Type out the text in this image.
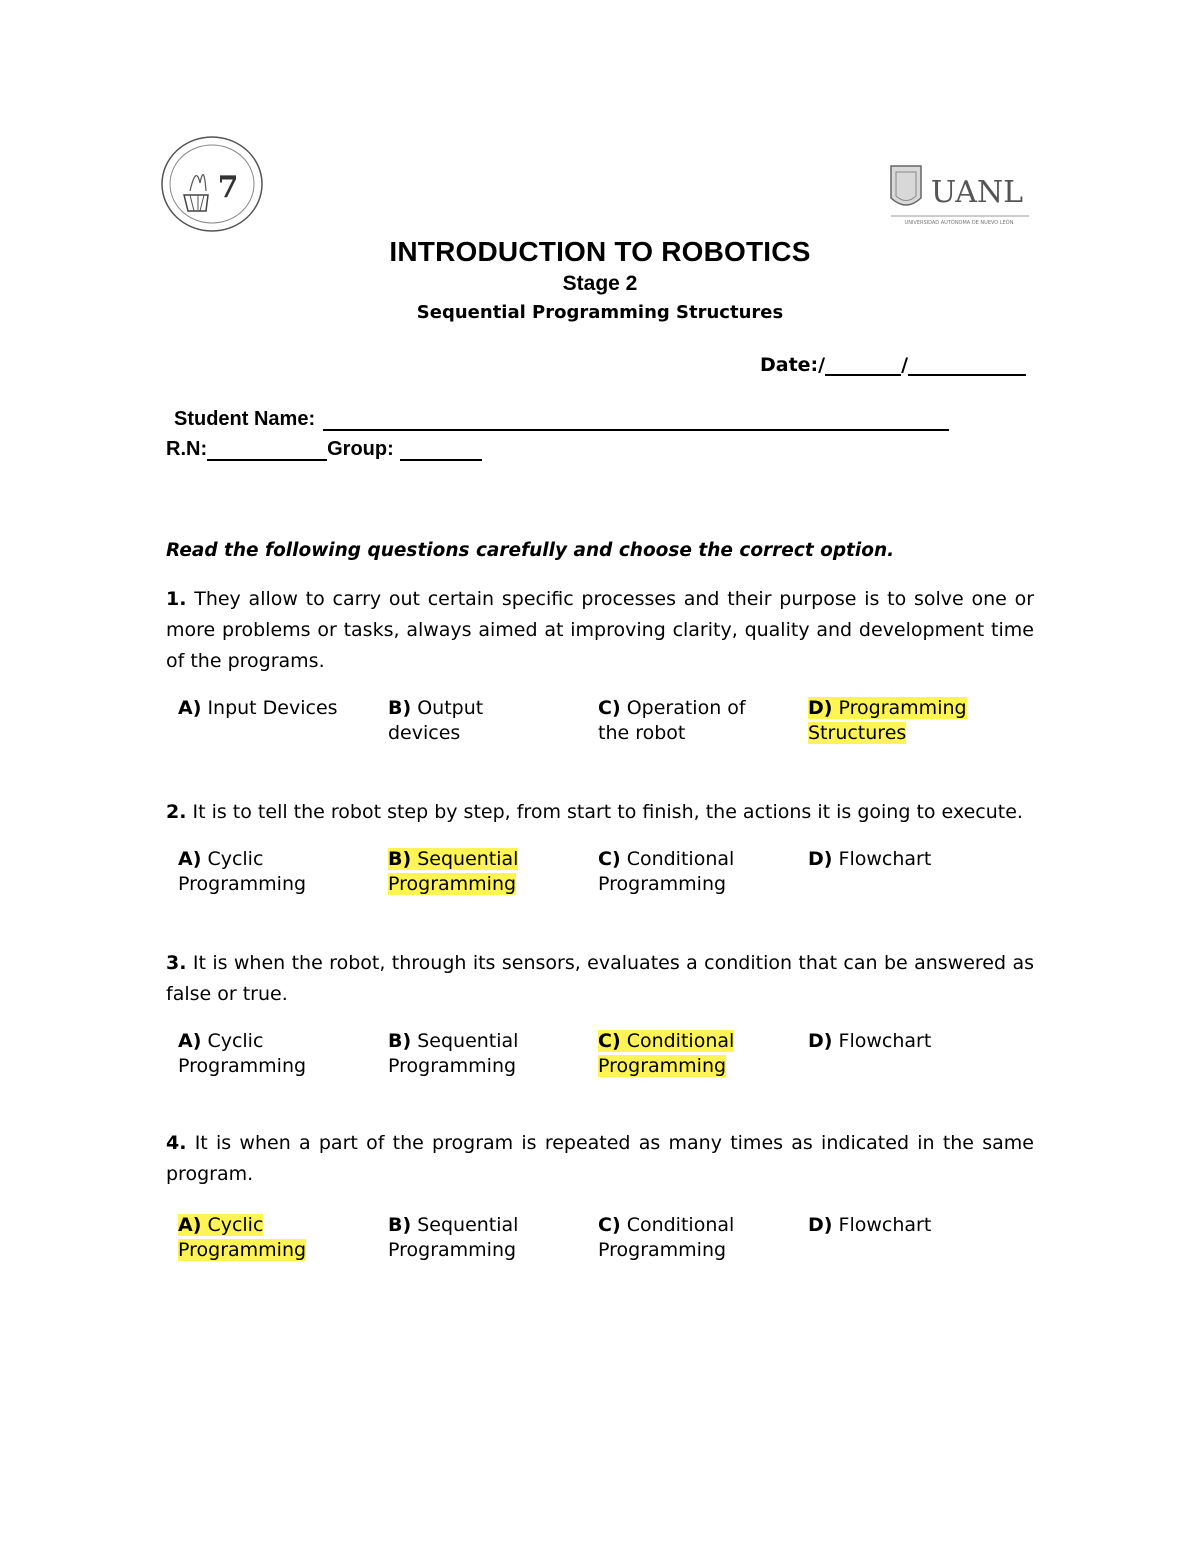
7	UANL
UNIVERSIDAD AUTÓNOMA DE NUEVO LEÓN
INTRODUCTION TO ROBOTICS
Stage 2
Sequential Programming Structures
Date:/	/
Student Name:
R.N:	Group:
Read the following questions carefully and choose the correct option.
1. They allow to carry out certain specific processes and their purpose is to solve one or more problems or tasks, always aimed at improving clarity, quality and development time of the programs.
A) Input Devices	B) Output devices
C) Operation of the robot
D) Programming Structures
2. It is to tell the robot step by step, from start to finish, the actions it is going to execute.
A) Cyclic Programming
B) Sequential Programming
C) Conditional Programming
D) Flowchart
3. It is when the robot, through its sensors, evaluates a condition that can be answered as false or true.
A) Cyclic Programming
B) Sequential Programming
C) Conditional Programming
D) Flowchart
4. It is when a part of the program is repeated as many times as indicated in the same program.
A) Cyclic Programming
B) Sequential Programming
C) Conditional Programming
D) Flowchart
